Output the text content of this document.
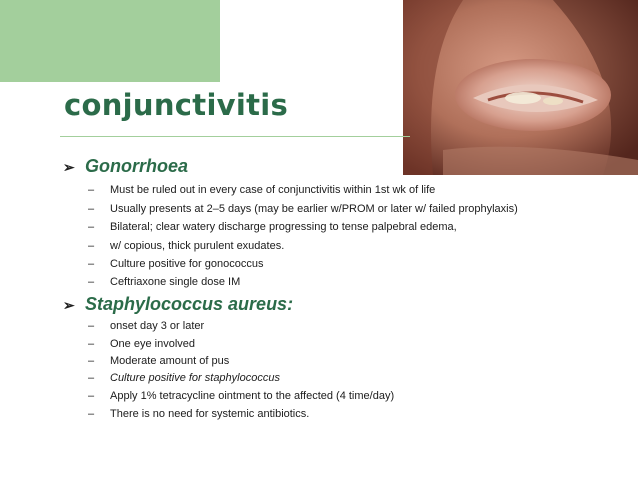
conjunctivitis
➢ Gonorrhoea
– Must be ruled out in every case of conjunctivitis within 1st wk of life
– Usually presents at 2–5 days (may be earlier w/PROM or later w/ failed prophylaxis)
– Bilateral; clear watery discharge progressing to tense palpebral edema,
– w/ copious, thick purulent exudates.
– Culture positive for gonococcus
– Ceftriaxone single dose IM
➢ Staphylococcus aureus:
– onset day 3 or later
– One eye involved
– Moderate amount of pus
– Culture positive for staphylococcus
– Apply 1% tetracycline ointment to the affected (4 time/day)
– There is no need for systemic antibiotics.
